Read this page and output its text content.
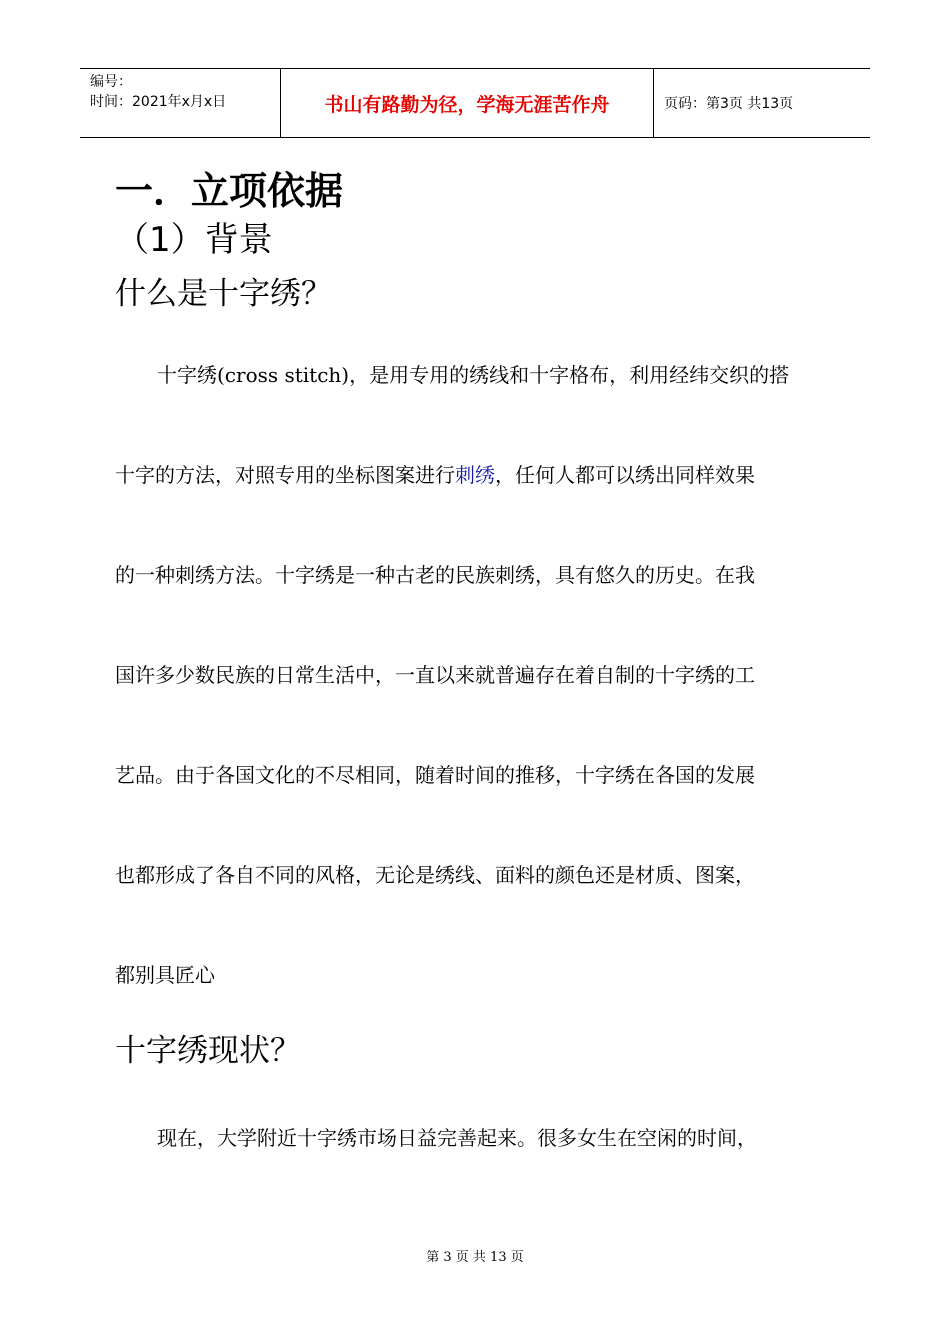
编号：
时间：2021年x月x日	书山有路勤为径，学海无涯苦作舟	页码：第3页 共13页
一．立项依据
（1）背景
什么是十字绣？
十字绣(cross stitch)，是用专用的绣线和十字格布，利用经纬交织的搭
十字的方法，对照专用的坐标图案进行刺绣，任何人都可以绣出同样效果
的一种刺绣方法。十字绣是一种古老的民族刺绣，具有悠久的历史。在我
国许多少数民族的日常生活中，一直以来就普遍存在着自制的十字绣的工
艺品。由于各国文化的不尽相同，随着时间的推移，十字绣在各国的发展
也都形成了各自不同的风格，无论是绣线、面料的颜色还是材质、图案，
都别具匠心
十字绣现状？
现在，大学附近十字绣市场日益完善起来。很多女生在空闲的时间，
第 3 页 共 13 页
